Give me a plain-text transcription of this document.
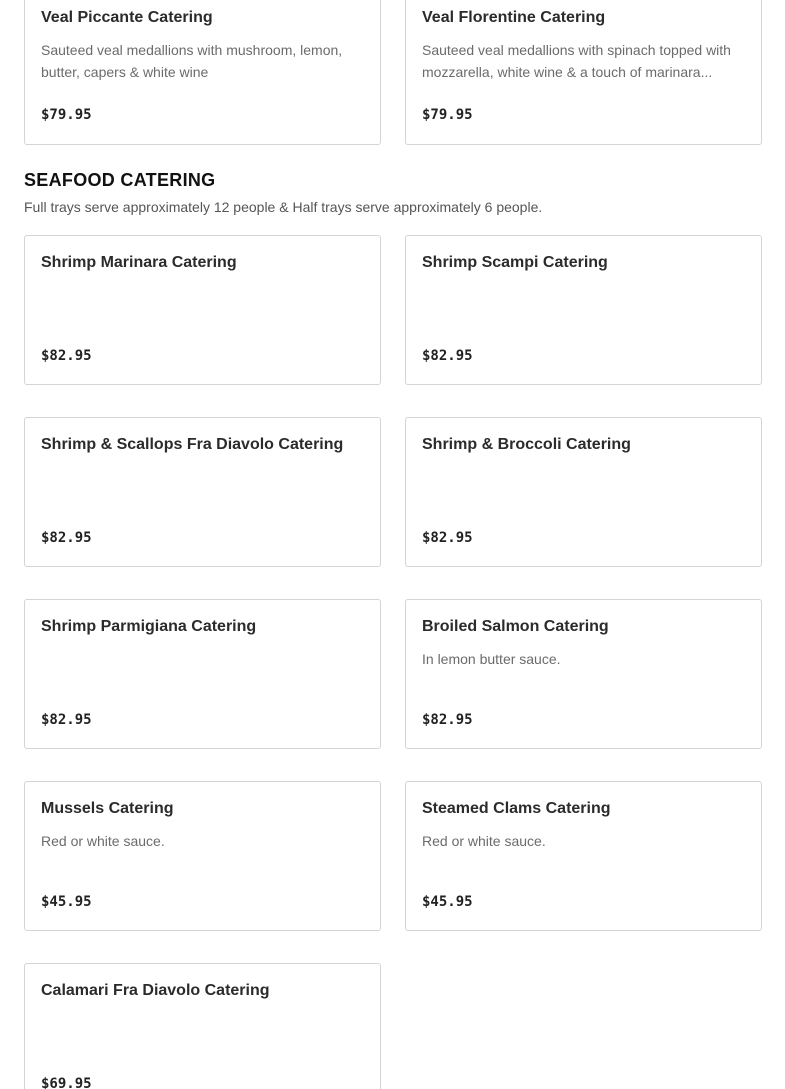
Veal Piccante Catering
Sauteed veal medallions with mushroom, lemon, butter, capers & white wine
$79.95
Veal Florentine Catering
Sauteed veal medallions with spinach topped with mozzarella, white wine & a touch of marinara...
$79.95
SEAFOOD CATERING
Full trays serve approximately 12 people & Half trays serve approximately 6 people.
Shrimp Marinara Catering
$82.95
Shrimp Scampi Catering
$82.95
Shrimp & Scallops Fra Diavolo Catering
$82.95
Shrimp & Broccoli Catering
$82.95
Shrimp Parmigiana Catering
$82.95
Broiled Salmon Catering
In lemon butter sauce.
$82.95
Mussels Catering
Red or white sauce.
$45.95
Steamed Clams Catering
Red or white sauce.
$45.95
Calamari Fra Diavolo Catering
$69.95
